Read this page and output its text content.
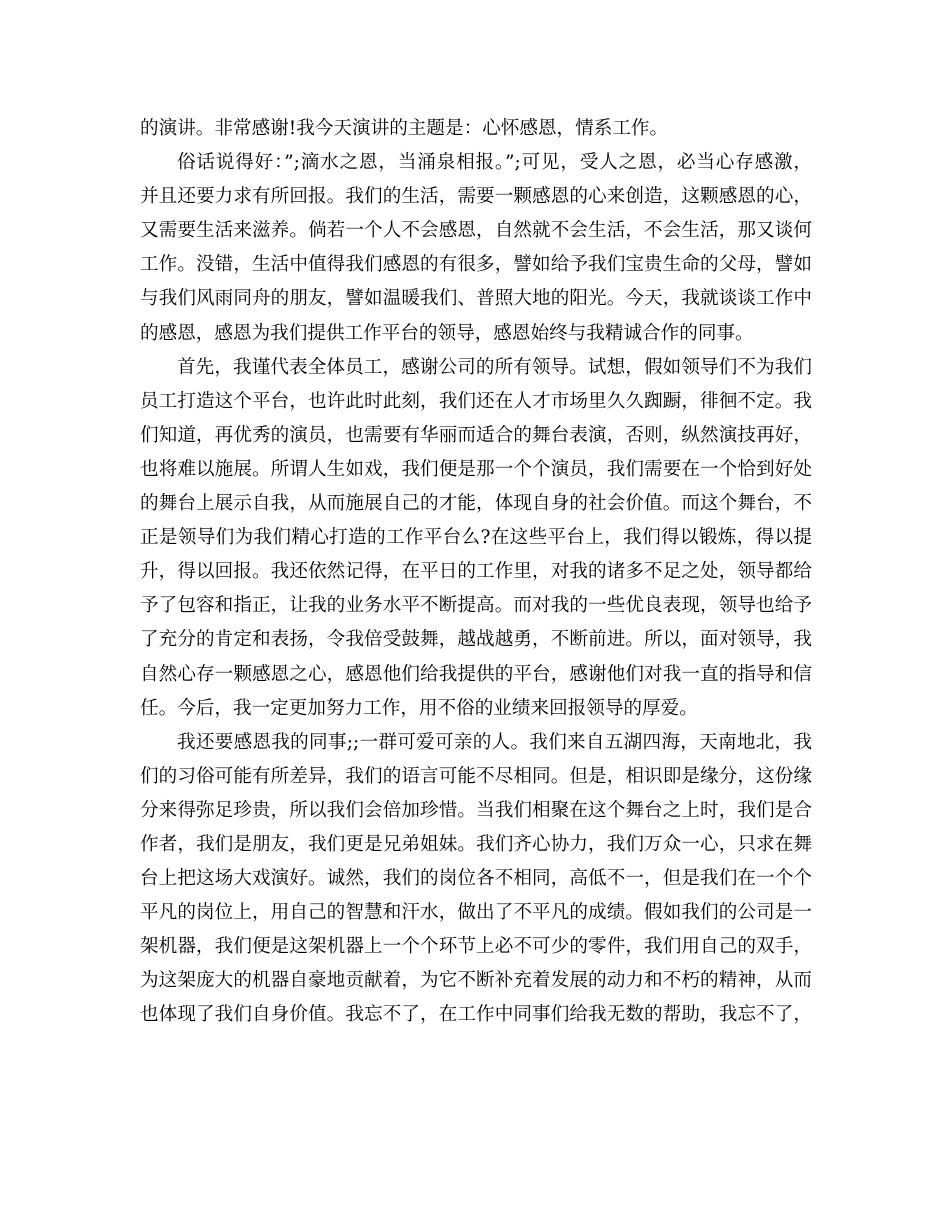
的演讲。非常感谢!我今天演讲的主题是：心怀感恩，情系工作。
俗话说得好：”;滴水之恩，当涌泉相报。”;可见，受人之恩，必当心存感激，
并且还要力求有所回报。我们的生活，需要一颗感恩的心来创造，这颗感恩的心，
又需要生活来滋养。倘若一个人不会感恩，自然就不会生活，不会生活，那又谈何
工作。没错，生活中值得我们感恩的有很多，譬如给予我们宝贵生命的父母，譬如
与我们风雨同舟的朋友，譬如温暖我们、普照大地的阳光。今天，我就谈谈工作中
的感恩，感恩为我们提供工作平台的领导，感恩始终与我精诚合作的同事。
首先，我谨代表全体员工，感谢公司的所有领导。试想，假如领导们不为我们
员工打造这个平台，也许此时此刻，我们还在人才市场里久久踟蹰，徘徊不定。我
们知道，再优秀的演员，也需要有华丽而适合的舞台表演，否则，纵然演技再好，
也将难以施展。所谓人生如戏，我们便是那一个个演员，我们需要在一个恰到好处
的舞台上展示自我，从而施展自己的才能，体现自身的社会价值。而这个舞台，不
正是领导们为我们精心打造的工作平台么?在这些平台上，我们得以锻炼，得以提
升，得以回报。我还依然记得，在平日的工作里，对我的诸多不足之处，领导都给
予了包容和指正，让我的业务水平不断提高。而对我的一些优良表现，领导也给予
了充分的肯定和表扬，令我倍受鼓舞，越战越勇，不断前进。所以，面对领导，我
自然心存一颗感恩之心，感恩他们给我提供的平台，感谢他们对我一直的指导和信
任。今后，我一定更加努力工作，用不俗的业绩来回报领导的厚爱。
我还要感恩我的同事;;一群可爱可亲的人。我们来自五湖四海，天南地北，我
们的习俗可能有所差异，我们的语言可能不尽相同。但是，相识即是缘分，这份缘
分来得弥足珍贵，所以我们会倍加珍惜。当我们相聚在这个舞台之上时，我们是合
作者，我们是朋友，我们更是兄弟姐妹。我们齐心协力，我们万众一心，只求在舞
台上把这场大戏演好。诚然，我们的岗位各不相同，高低不一，但是我们在一个个
平凡的岗位上，用自己的智慧和汗水，做出了不平凡的成绩。假如我们的公司是一
架机器，我们便是这架机器上一个个环节上必不可少的零件，我们用自己的双手，
为这架庞大的机器自豪地贡献着，为它不断补充着发展的动力和不朽的精神，从而
也体现了我们自身价值。我忘不了，在工作中同事们给我无数的帮助，我忘不了，
